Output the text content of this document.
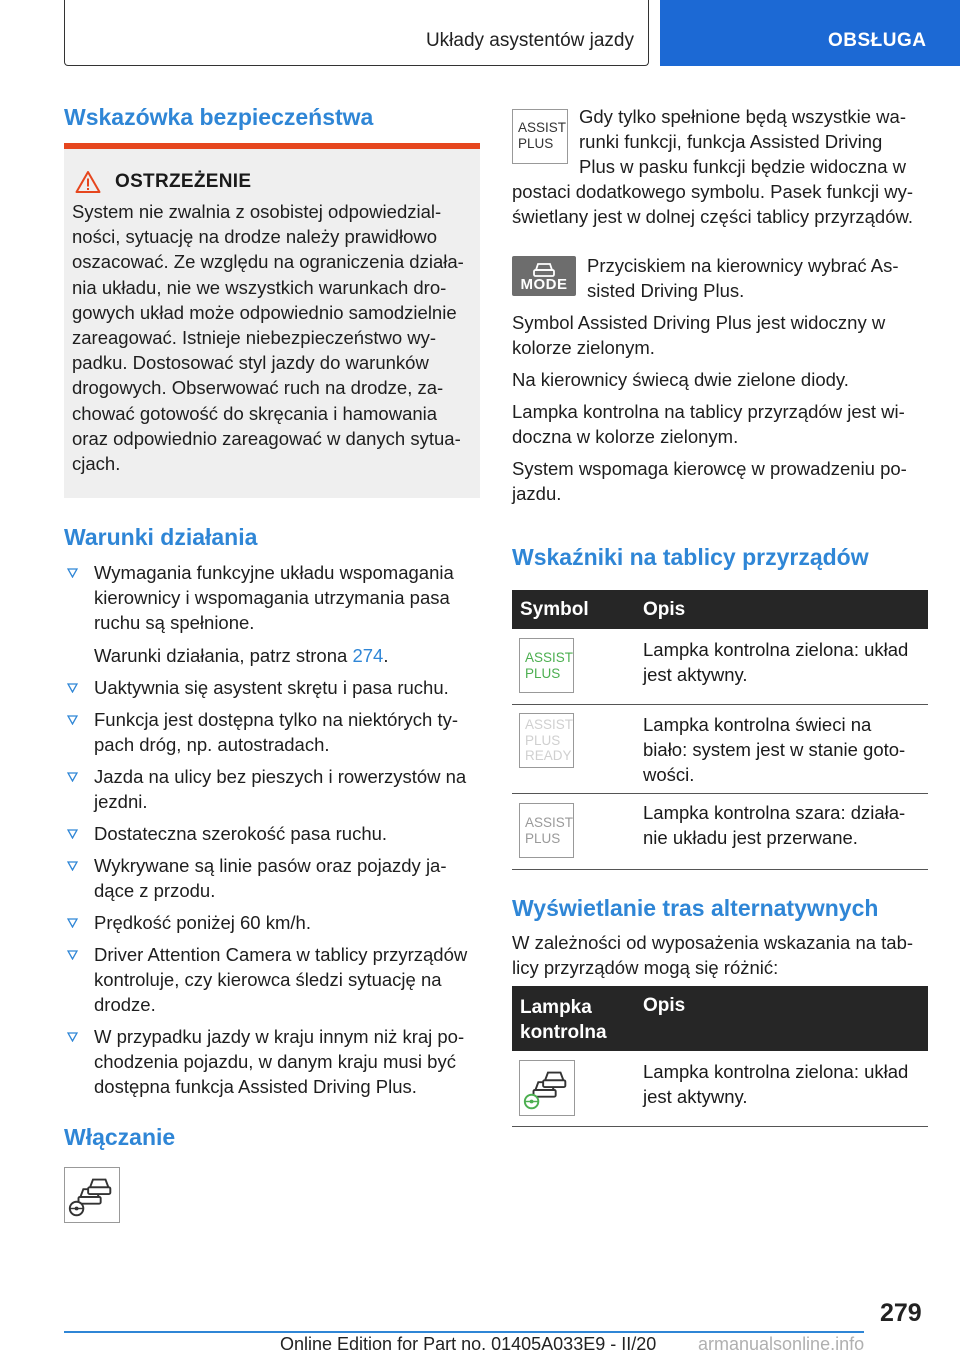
Układy asystentów jazdy	OBSŁUGA
Wskazówka bezpieczeństwa
OSTRZEŻENIE

System nie zwalnia z osobistej odpowiedzial-
ności, sytuację na drodze należy prawidłowo
oszacować. Ze względu na ograniczenia działa-
nia układu, nie we wszystkich warunkach dro-
gowych układ może odpowiednio samodzielnie
zareagować. Istnieje niebezpieczeństwo wy-
padku. Dostosować styl jazdy do warunków
drogowych. Obserwować ruch na drodze, za-
chować gotowość do skręcania i hamowania
oraz odpowiednio zareagować w danych sytua-
cjach.

Warunki działania
Wymagania funkcyjne układu wspomagania
kierownicy i wspomagania utrzymania pasa
ruchu są spełnione.
Warunki działania, patrz strona 274.
Uaktywnia się asystent skrętu i pasa ruchu.
Funkcja jest dostępna tylko na niektórych ty-
pach dróg, np. autostradach.
Jazda na ulicy bez pieszych i rowerzystów na
jezdni.
Dostateczna szerokość pasa ruchu.
Wykrywane są linie pasów oraz pojazdy ja-
dące z przodu.
Prędkość poniżej 60 km/h.
Driver Attention Camera w tablicy przyrządów
kontroluje, czy kierowca śledzi sytuację na
drodze.
W przypadku jazdy w kraju innym niż kraj po-
chodzenia pojazdu, w danym kraju musi być
dostępna funkcja Assisted Driving Plus.
Włączanie
ASSIST
PLUS

Gdy tylko spełnione będą wszystkie wa-
runki funkcji, funkcja Assisted Driving
Plus w pasku funkcji będzie widoczna w

postaci dodatkowego symbolu. Pasek funkcji wy-
świetlany jest w dolnej części tablicy przyrządów.

MODE

Przyciskiem na kierownicy wybrać As-
sisted Driving Plus.

Symbol Assisted Driving Plus jest widoczny w
kolorze zielonym.

Na kierownicy świecą dwie zielone diody.

Lampka kontrolna na tablicy przyrządów jest wi-
doczna w kolorze zielonym.

System wspomaga kierowcę w prowadzeniu po-
jazdu.

Wskaźniki na tablicy przyrządów
Symbol	Opis
ASSIST
PLUS
Lampka kontrolna zielona: układ
jest aktywny.
ASSIST
PLUS
READY
Lampka kontrolna świeci na
biało: system jest w stanie goto-
wości.
ASSIST
PLUS
Lampka kontrolna szara: działa-
nie układu jest przerwane.
Wyświetlanie tras alternatywnych

W zależności od wyposażenia wskazania na tab-
licy przyrządów mogą się różnić:

Lampka

kontrolna
Opis
Lampka kontrolna zielona: układ
jest aktywny.
279
Online Edition for Part no. 01405A033E9 - II/20 armanualsonline.info
